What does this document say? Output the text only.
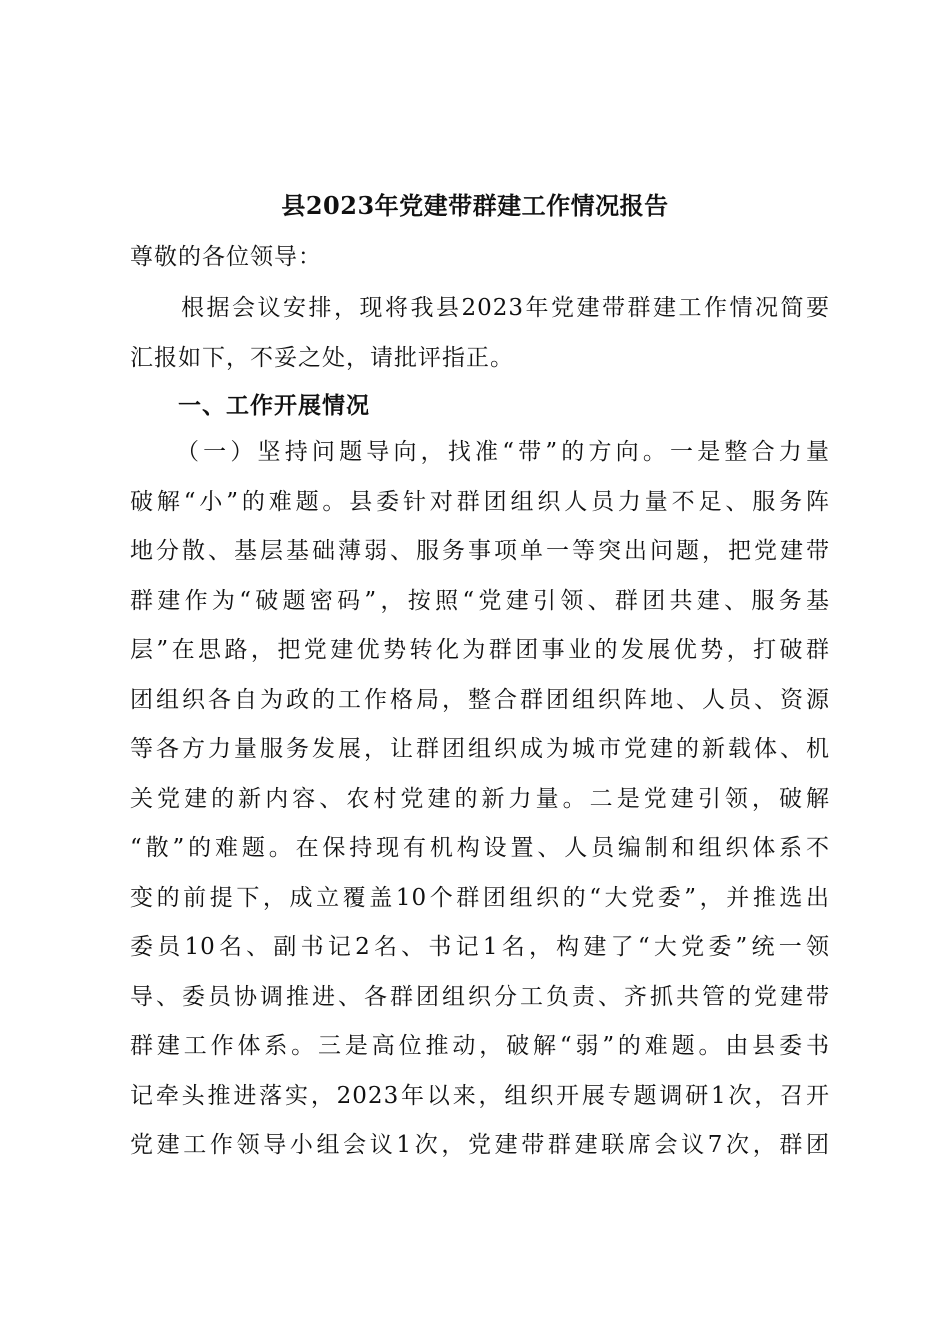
县2023年党建带群建工作情况报告
尊敬的各位领导：
　　根据会议安排，现将我县2023年党建带群建工作情况简要
汇报如下，不妥之处，请批评指正。
一、工作开展情况
（一）坚持问题导向，找准“带”的方向。一是整合力量
破解“小”的难题。县委针对群团组织人员力量不足、服务阵
地分散、基层基础薄弱、服务事项单一等突出问题，把党建带
群建作为“破题密码”，按照“党建引领、群团共建、服务基
层”在思路，把党建优势转化为群团事业的发展优势，打破群
团组织各自为政的工作格局，整合群团组织阵地、人员、资源
等各方力量服务发展，让群团组织成为城市党建的新载体、机
关党建的新内容、农村党建的新力量。二是党建引领，破解
“散”的难题。在保持现有机构设置、人员编制和组织体系不
变的前提下，成立覆盖10个群团组织的“大党委”，并推选出
委员10名、副书记2名、书记1名，构建了“大党委”统一领
导、委员协调推进、各群团组织分工负责、齐抓共管的党建带
群建工作体系。三是高位推动，破解“弱”的难题。由县委书
记牵头推进落实，2023年以来，组织开展专题调研1次，召开
党建工作领导小组会议1次，党建带群建联席会议7次，群团
